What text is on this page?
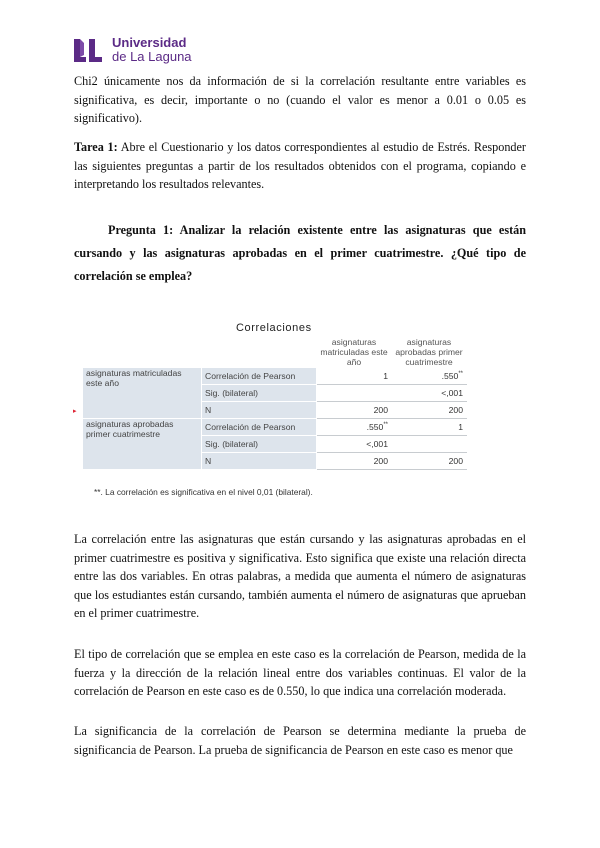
Universidad
de La Laguna
Chi2 únicamente nos da información de si la correlación resultante entre variables es significativa, es decir, importante o no (cuando el valor es menor a 0.01 o 0.05 es significativo).
Tarea 1: Abre el Cuestionario y los datos correspondientes al estudio de Estrés. Responder las siguientes preguntas a partir de los resultados obtenidos con el programa, copiando e interpretando los resultados relevantes.
Pregunta 1: Analizar la relación existente entre las asignaturas que están cursando y las asignaturas aprobadas en el primer cuatrimestre. ¿Qué tipo de correlación se emplea?
Correlaciones
▸
		asignaturas matriculadas este año	asignaturas aprobadas primer cuatrimestre
asignaturas matriculadas este año	Correlación de Pearson	1	.550**
	Sig. (bilateral)		<,001
	N	200	200
asignaturas aprobadas primer cuatrimestre	Correlación de Pearson	.550**	1
	Sig. (bilateral)	<,001	
	N	200	200
**. La correlación es significativa en el nivel 0,01 (bilateral).
La correlación entre las asignaturas que están cursando y las asignaturas aprobadas en el primer cuatrimestre es positiva y significativa. Esto significa que existe una relación directa entre las dos variables. En otras palabras, a medida que aumenta el número de asignaturas que los estudiantes están cursando, también aumenta el número de asignaturas que aprueban en el primer cuatrimestre.
El tipo de correlación que se emplea en este caso es la correlación de Pearson, medida de la fuerza y la dirección de la relación lineal entre dos variables continuas. El valor de la correlación de Pearson en este caso es de 0.550, lo que indica una correlación moderada.
La significancia de la correlación de Pearson se determina mediante la prueba de significancia de Pearson. La prueba de significancia de Pearson en este caso es menor que
